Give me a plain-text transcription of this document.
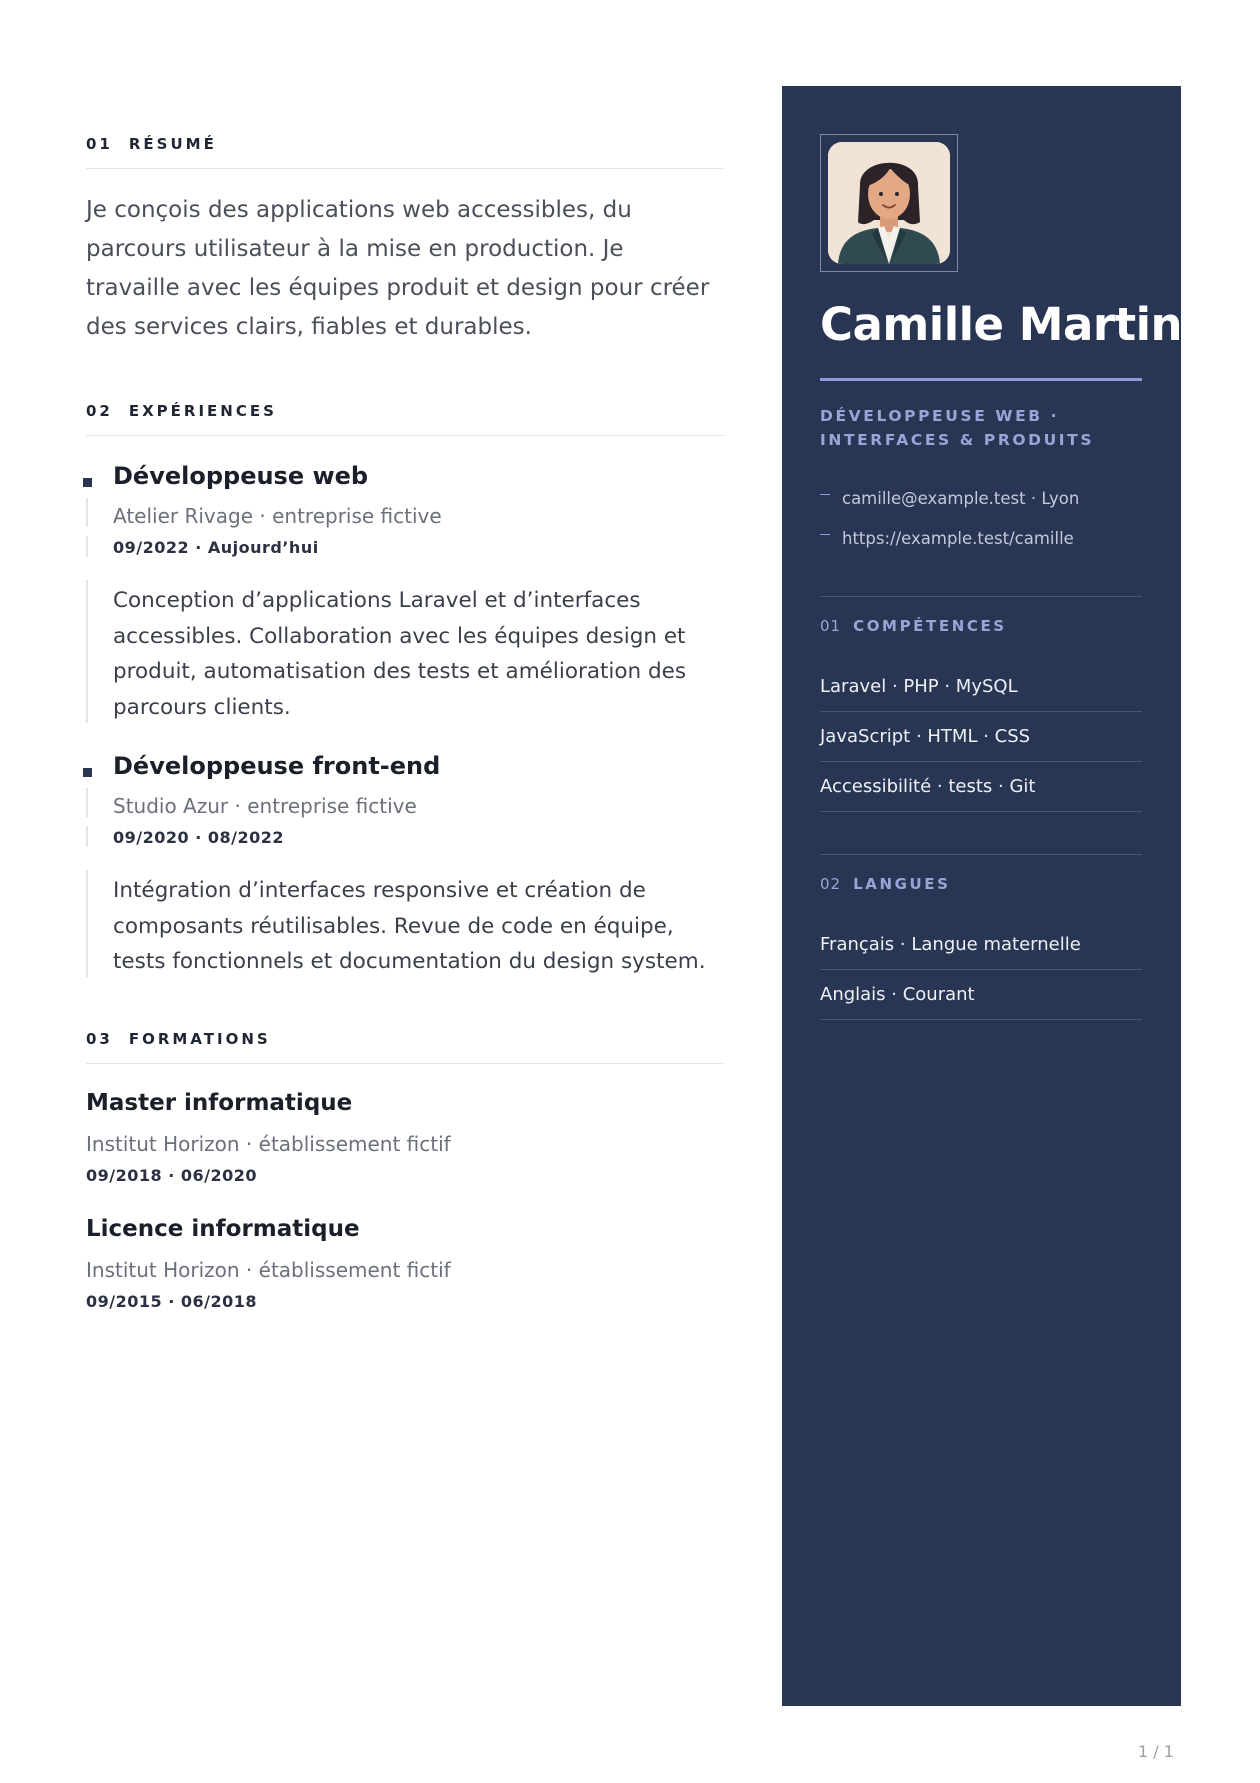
01 RÉSUMÉ

Je conçois des applications web accessibles, du parcours utilisateur à la mise en production. Je travaille avec les équipes produit et design pour créer des services clairs, fiables et durables.

02 EXPÉRIENCES
Développeuse web
Atelier Rivage · entreprise fictive
09/2022 · Aujourd’hui

Conception d’applications Laravel et d’interfaces accessibles. Collaboration avec les équipes design et produit, automatisation des tests et amélioration des parcours clients.

Développeuse front-end
Studio Azur · entreprise fictive
09/2020 · 08/2022

Intégration d’interfaces responsive et création de composants réutilisables. Revue de code en équipe, tests fonctionnels et documentation du design system.

03 FORMATIONS
Master informatique
Institut Horizon · établissement fictif
09/2018 · 06/2020
Licence informatique
Institut Horizon · établissement fictif
09/2015 · 06/2018
Camille Martin
DÉVELOPPEUSE WEB · INTERFACES & PRODUITS
camille@example.test · Lyon
https://example.test/camille
01 COMPÉTENCES
Laravel · PHP · MySQL
JavaScript · HTML · CSS
Accessibilité · tests · Git
02 LANGUES
Français · Langue maternelle
Anglais · Courant
1 / 1
